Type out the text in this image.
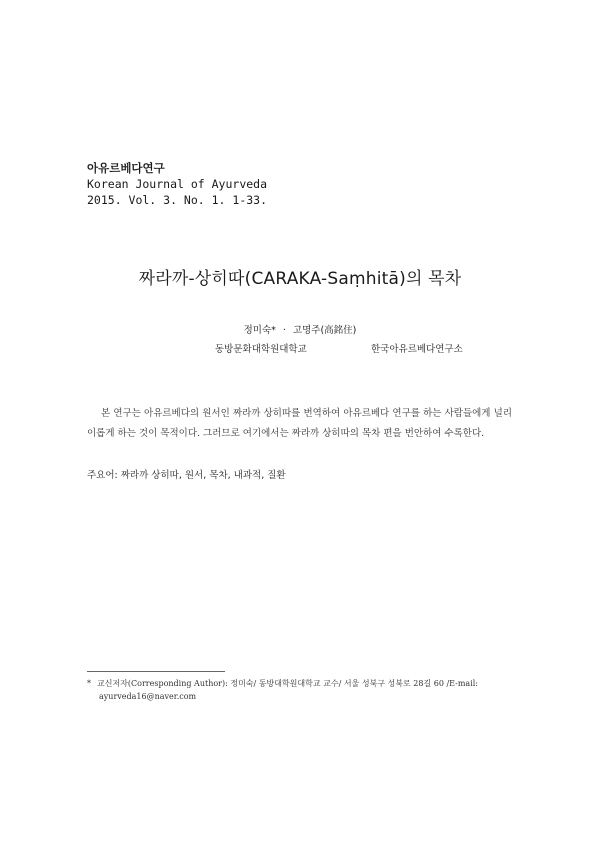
아유르베다연구
Korean Journal of Ayurveda
2015. Vol. 3. No. 1. 1-33.
짜라까-상히따(CARAKA-Saṃhitā)의 목차
정미숙* · 고명주(高銘住)
동방문화대학원대학교	한국아유르베다연구소
본 연구는 아유르베다의 원서인 짜라까 상히따를 번역하여 아유르베다 연구를 하는 사람들에게 널리 이롭게 하는 것이 목적이다. 그러므로 여기에서는 짜라까 상히따의 목차 편을 번안하여 수록한다.
주요어: 짜라까 상히따, 원서, 목차, 내과적, 질환
* 교신저자(Corresponding Author): 정미숙/ 동방대학원대학교 교수/ 서울 성북구 성북로 28길 60 /E-mail:
ayurveda16@naver.com
